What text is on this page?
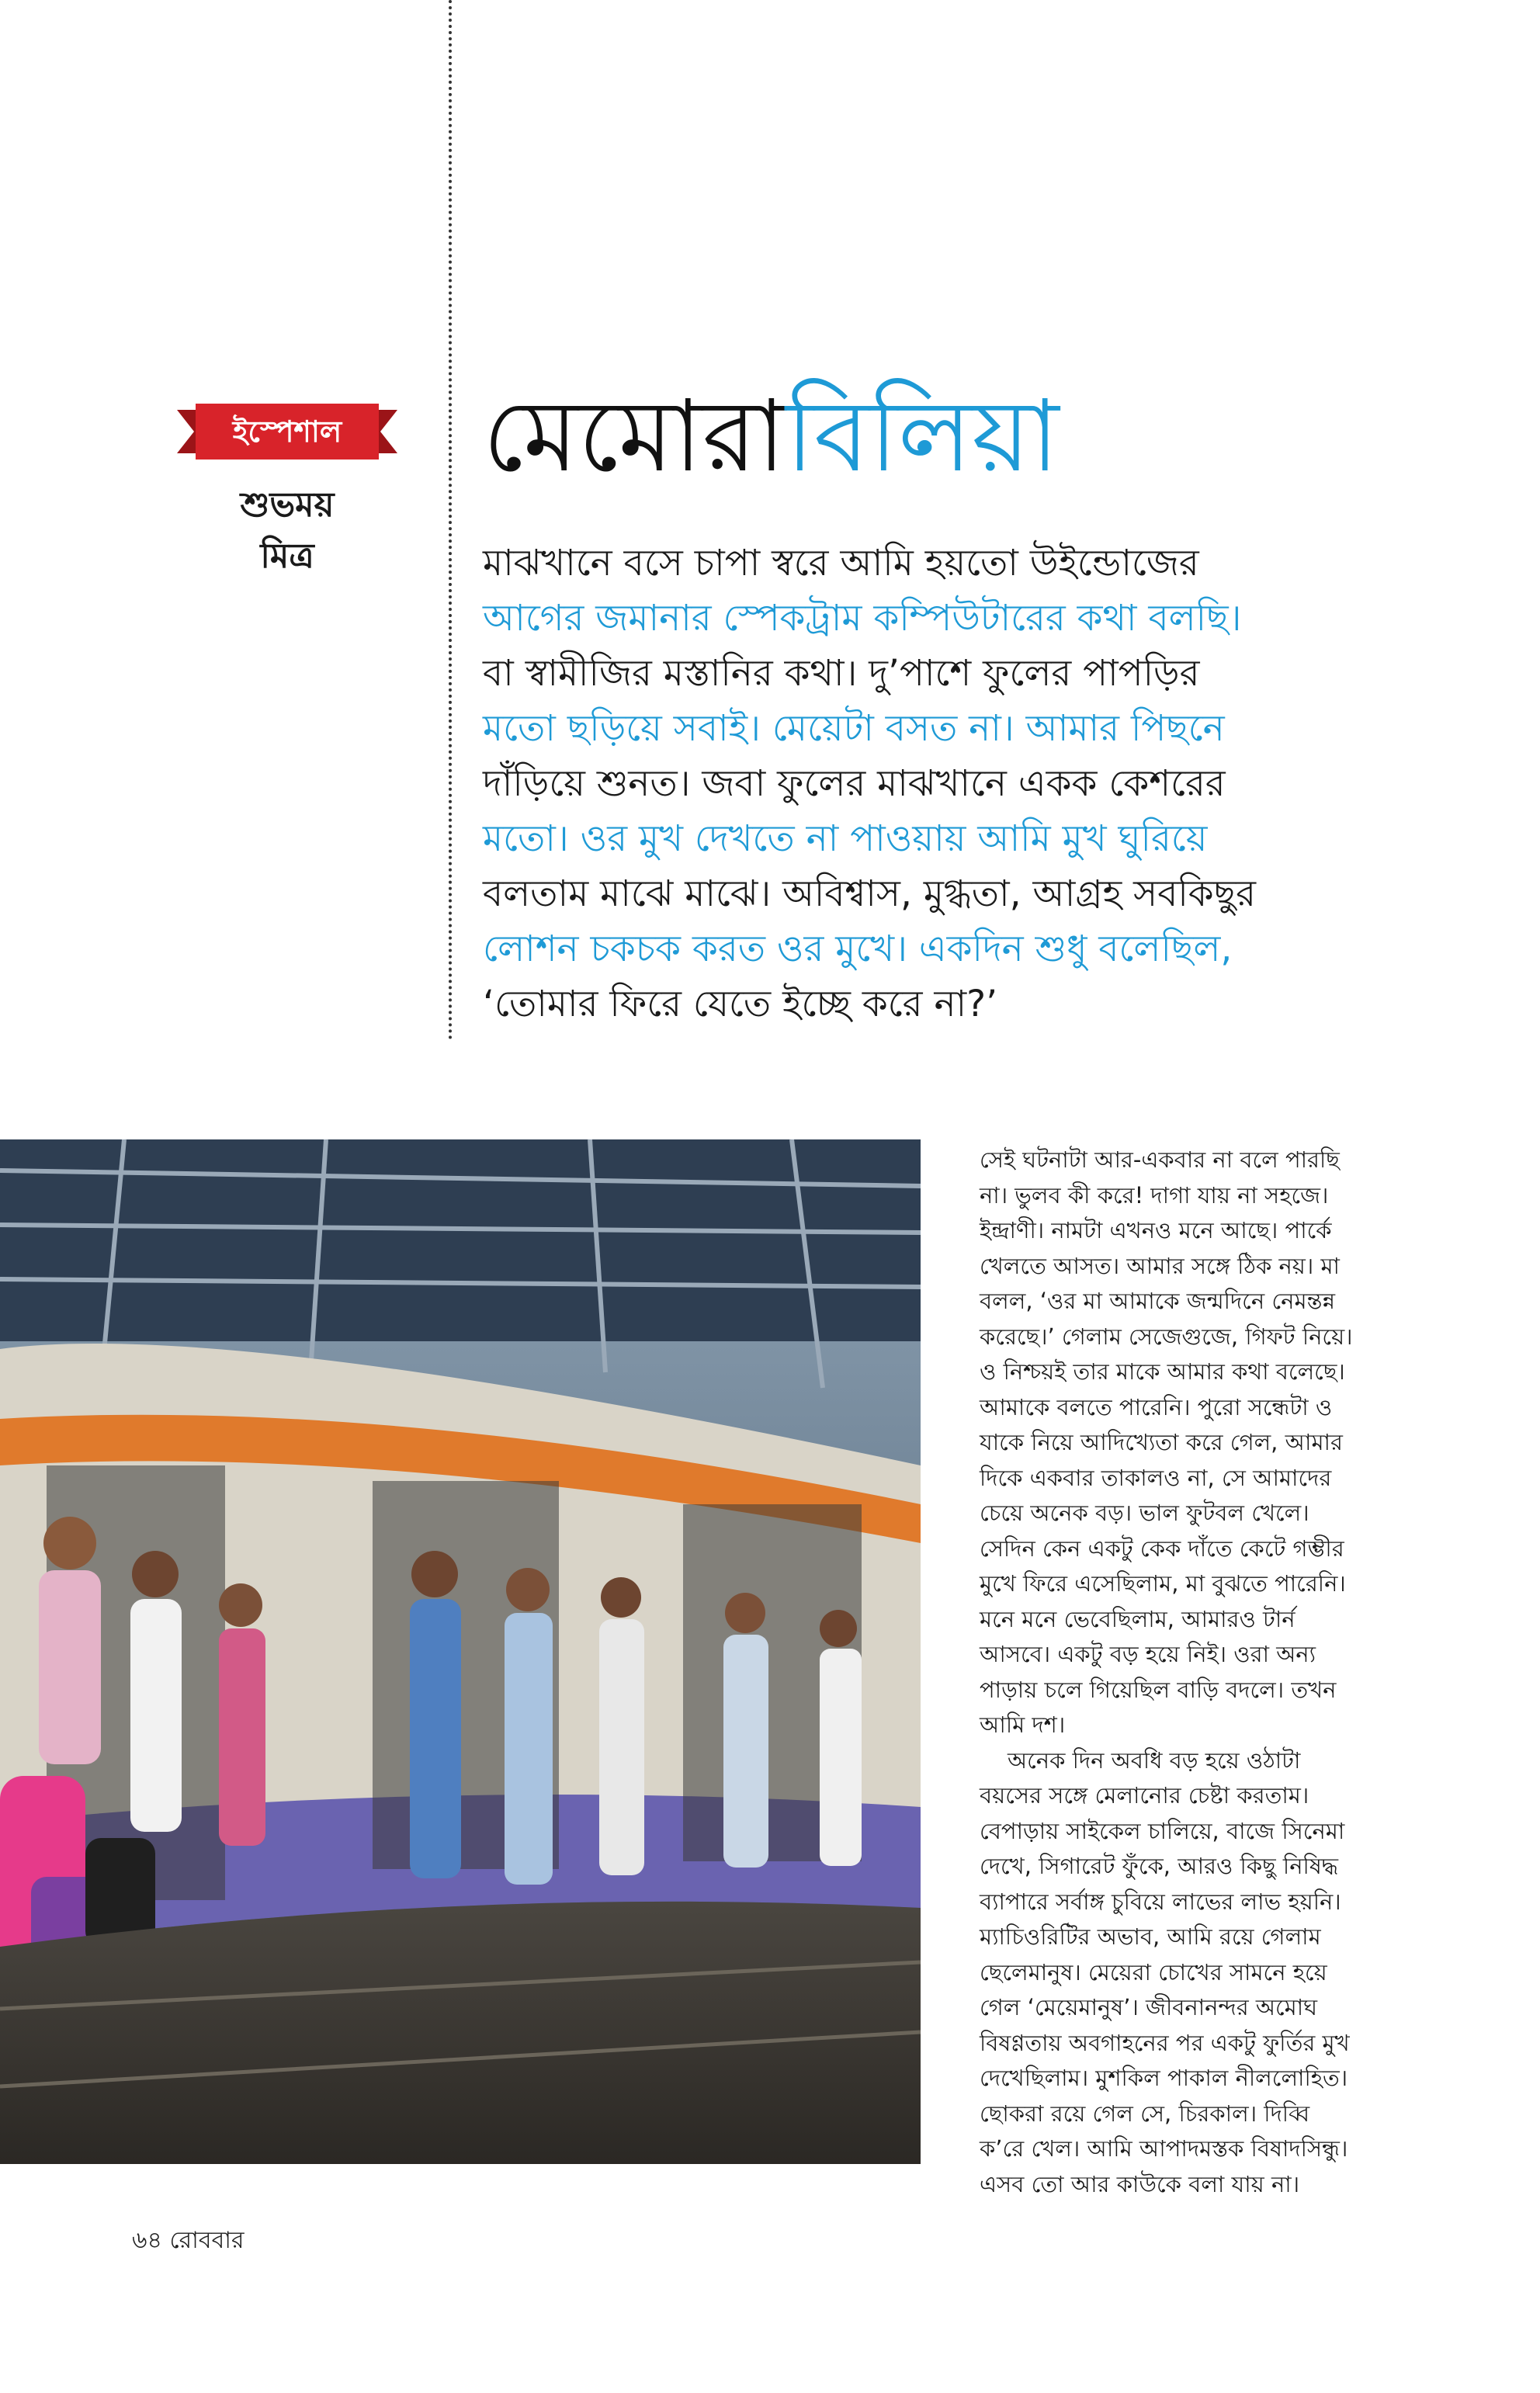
ইস্পেশাল
শুভময়
মিত্র
মেমোরাবিলিয়া
মাঝখানে বসে চাপা স্বরে আমি হয়তো উইন্ডোজের
আগের জমানার স্পেকট্রাম কম্পিউটারের কথা বলছি।
বা স্বামীজির মস্তানির কথা। দু’পাশে ফুলের পাপড়ির
মতো ছড়িয়ে সবাই। মেয়েটা বসত না। আমার পিছনে
দাঁড়িয়ে শুনত। জবা ফুলের মাঝখানে একক কেশরের
মতো। ওর মুখ দেখতে না পাওয়ায় আমি মুখ ঘুরিয়ে
বলতাম মাঝে মাঝে। অবিশ্বাস, মুগ্ধতা, আগ্রহ সবকিছুর
লোশন চকচক করত ওর মুখে। একদিন শুধু বলেছিল,
‘তোমার ফিরে যেতে ইচ্ছে করে না?’

সেই ঘটনাটা আর-একবার না বলে পারছি
না। ভুলব কী করে! দাগা যায় না সহজে।
ইন্দ্রাণী। নামটা এখনও মনে আছে। পার্কে
খেলতে আসত। আমার সঙ্গে ঠিক নয়। মা
বলল, ‘ওর মা আমাকে জন্মদিনে নেমন্তন্ন
করেছে।’ গেলাম সেজেগুজে, গিফট নিয়ে।
ও নিশ্চয়ই তার মাকে আমার কথা বলেছে।
আমাকে বলতে পারেনি। পুরো সন্ধেটা ও
যাকে নিয়ে আদিখ্যেতা করে গেল, আমার
দিকে একবার তাকালও না, সে আমাদের
চেয়ে অনেক বড়। ভাল ফুটবল খেলে।
সেদিন কেন একটু কেক দাঁতে কেটে গম্ভীর
মুখে ফিরে এসেছিলাম, মা বুঝতে পারেনি।
মনে মনে ভেবেছিলাম, আমারও টার্ন
আসবে। একটু বড় হয়ে নিই। ওরা অন্য
পাড়ায় চলে গিয়েছিল বাড়ি বদলে। তখন
আমি দশ।

অনেক দিন অবধি বড় হয়ে ওঠাটা
বয়সের সঙ্গে মেলানোর চেষ্টা করতাম।
বেপাড়ায় সাইকেল চালিয়ে, বাজে সিনেমা
দেখে, সিগারেট ফুঁকে, আরও কিছু নিষিদ্ধ
ব্যাপারে সর্বাঙ্গ চুবিয়ে লাভের লাভ হয়নি।
ম্যাচিওরিটির অভাব, আমি রয়ে গেলাম
ছেলেমানুষ। মেয়েরা চোখের সামনে হয়ে
গেল ‘মেয়েমানুষ’। জীবনানন্দর অমোঘ
বিষণ্ণতায় অবগাহনের পর একটু ফুর্তির মুখ
দেখেছিলাম। মুশকিল পাকাল নীললোহিত।
ছোকরা রয়ে গেল সে, চিরকাল। দিব্বি
ক’রে খেল। আমি আপাদমস্তক বিষাদসিন্ধু।
এসব তো আর কাউকে বলা যায় না।

৬৪ রোববার
